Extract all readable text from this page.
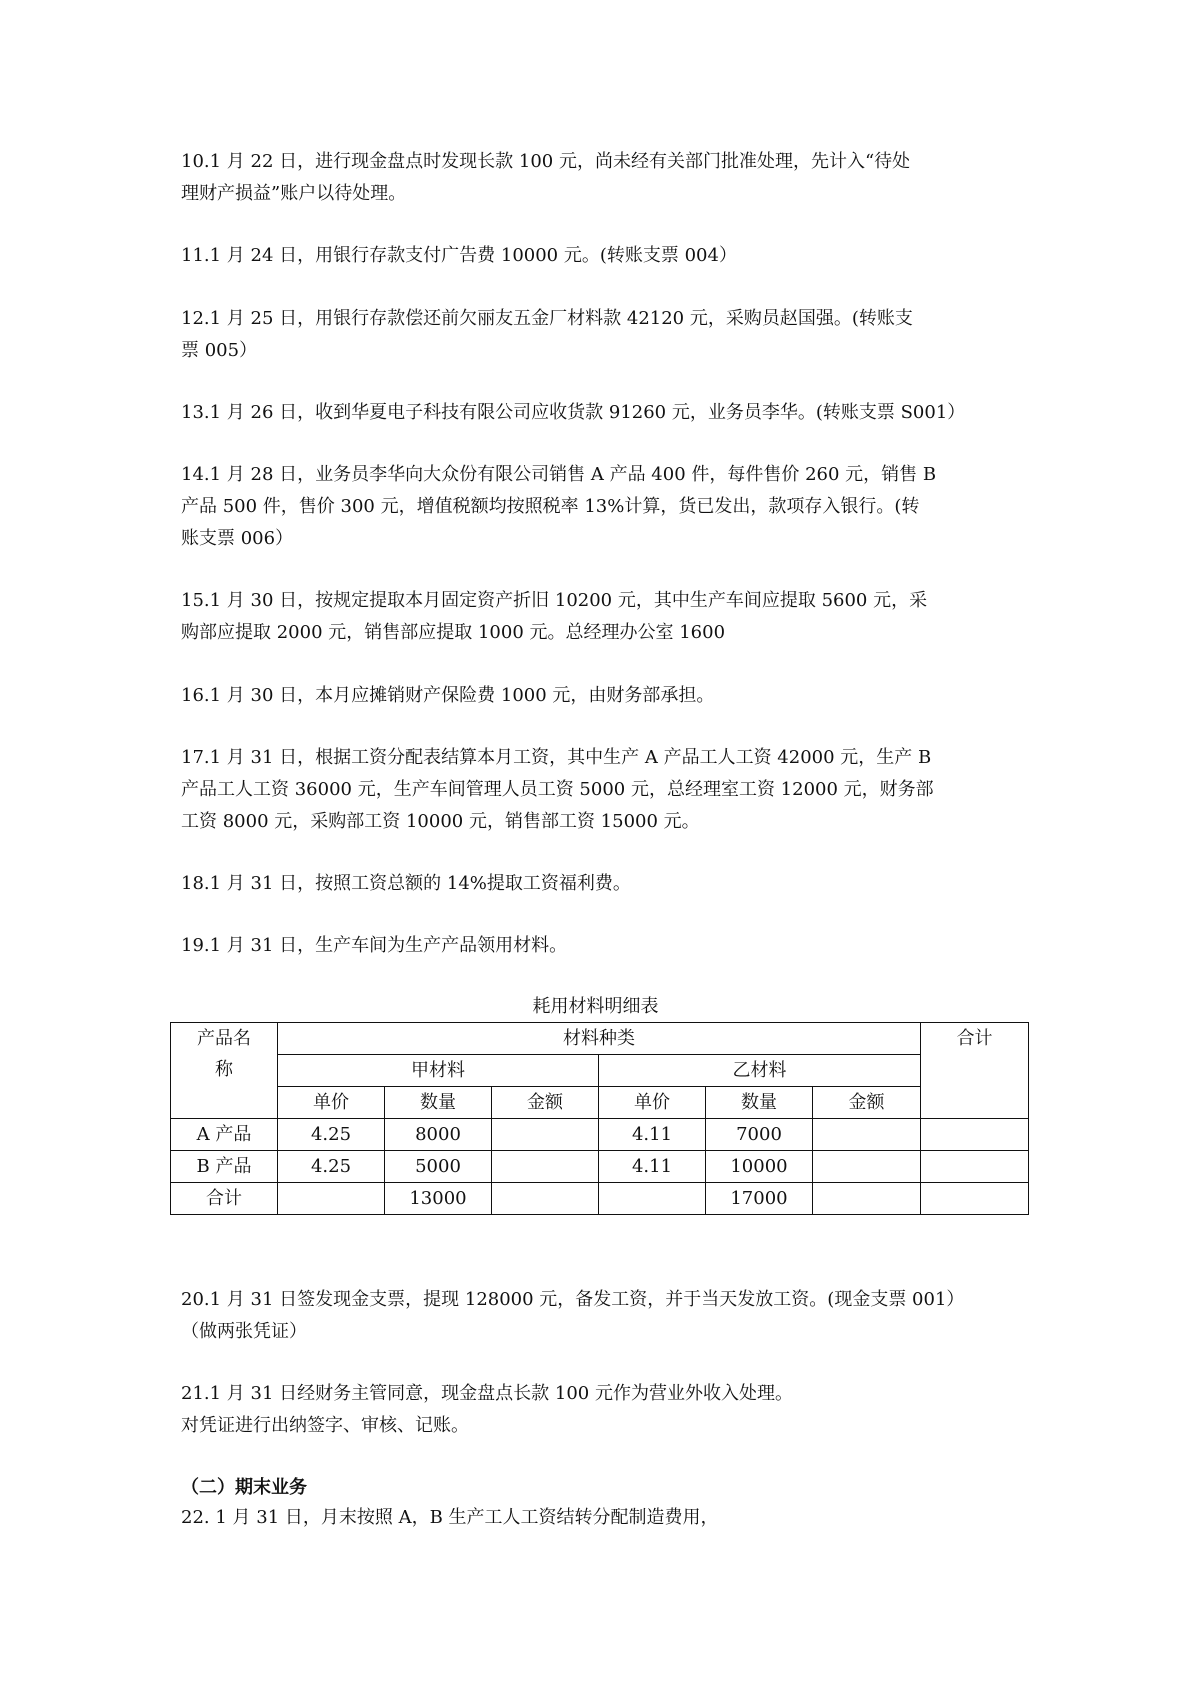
10.1 月 22 日，进行现金盘点时发现长款 100 元，尚未经有关部门批准处理，先计入“待处
理财产损益”账户以待处理。

11.1 月 24 日，用银行存款支付广告费 10000 元。(转账支票 004）

12.1 月 25 日，用银行存款偿还前欠丽友五金厂材料款 42120 元，采购员赵国强。(转账支
票 005）

13.1 月 26 日，收到华夏电子科技有限公司应收货款 91260 元，业务员李华。(转账支票 S001）

14.1 月 28 日，业务员李华向大众份有限公司销售 A 产品 400 件，每件售价 260 元，销售 B
产品 500 件，售价 300 元，增值税额均按照税率 13%计算，货已发出，款项存入银行。(转
账支票 006）

15.1 月 30 日，按规定提取本月固定资产折旧 10200 元，其中生产车间应提取 5600 元，采
购部应提取 2000 元，销售部应提取 1000 元。总经理办公室 1600

16.1 月 30 日，本月应摊销财产保险费 1000 元，由财务部承担。

17.1 月 31 日，根据工资分配表结算本月工资，其中生产 A 产品工人工资 42000 元，生产 B
产品工人工资 36000 元，生产车间管理人员工资 5000 元，总经理室工资 12000 元，财务部
工资 8000 元，采购部工资 10000 元，销售部工资 15000 元。

18.1 月 31 日，按照工资总额的 14%提取工资福利费。

19.1 月 31 日，生产车间为生产产品领用材料。

耗用材料明细表
产品名
称	材料种类						合计
	甲材料			乙材料			
	单价	数量	金额	单价	数量	金额	
A 产品	4.25	8000		4.11	7000		
B 产品	4.25	5000		4.11	10000		
合计		13000			17000		

20.1 月 31 日签发现金支票，提现 128000 元，备发工资，并于当天发放工资。(现金支票 001）
（做两张凭证）

21.1 月 31 日经财务主管同意，现金盘点长款 100 元作为营业外收入处理。
对凭证进行出纳签字、审核、记账。

（二）期末业务

22. 1 月 31 日，月末按照 A，B 生产工人工资结转分配制造费用，
